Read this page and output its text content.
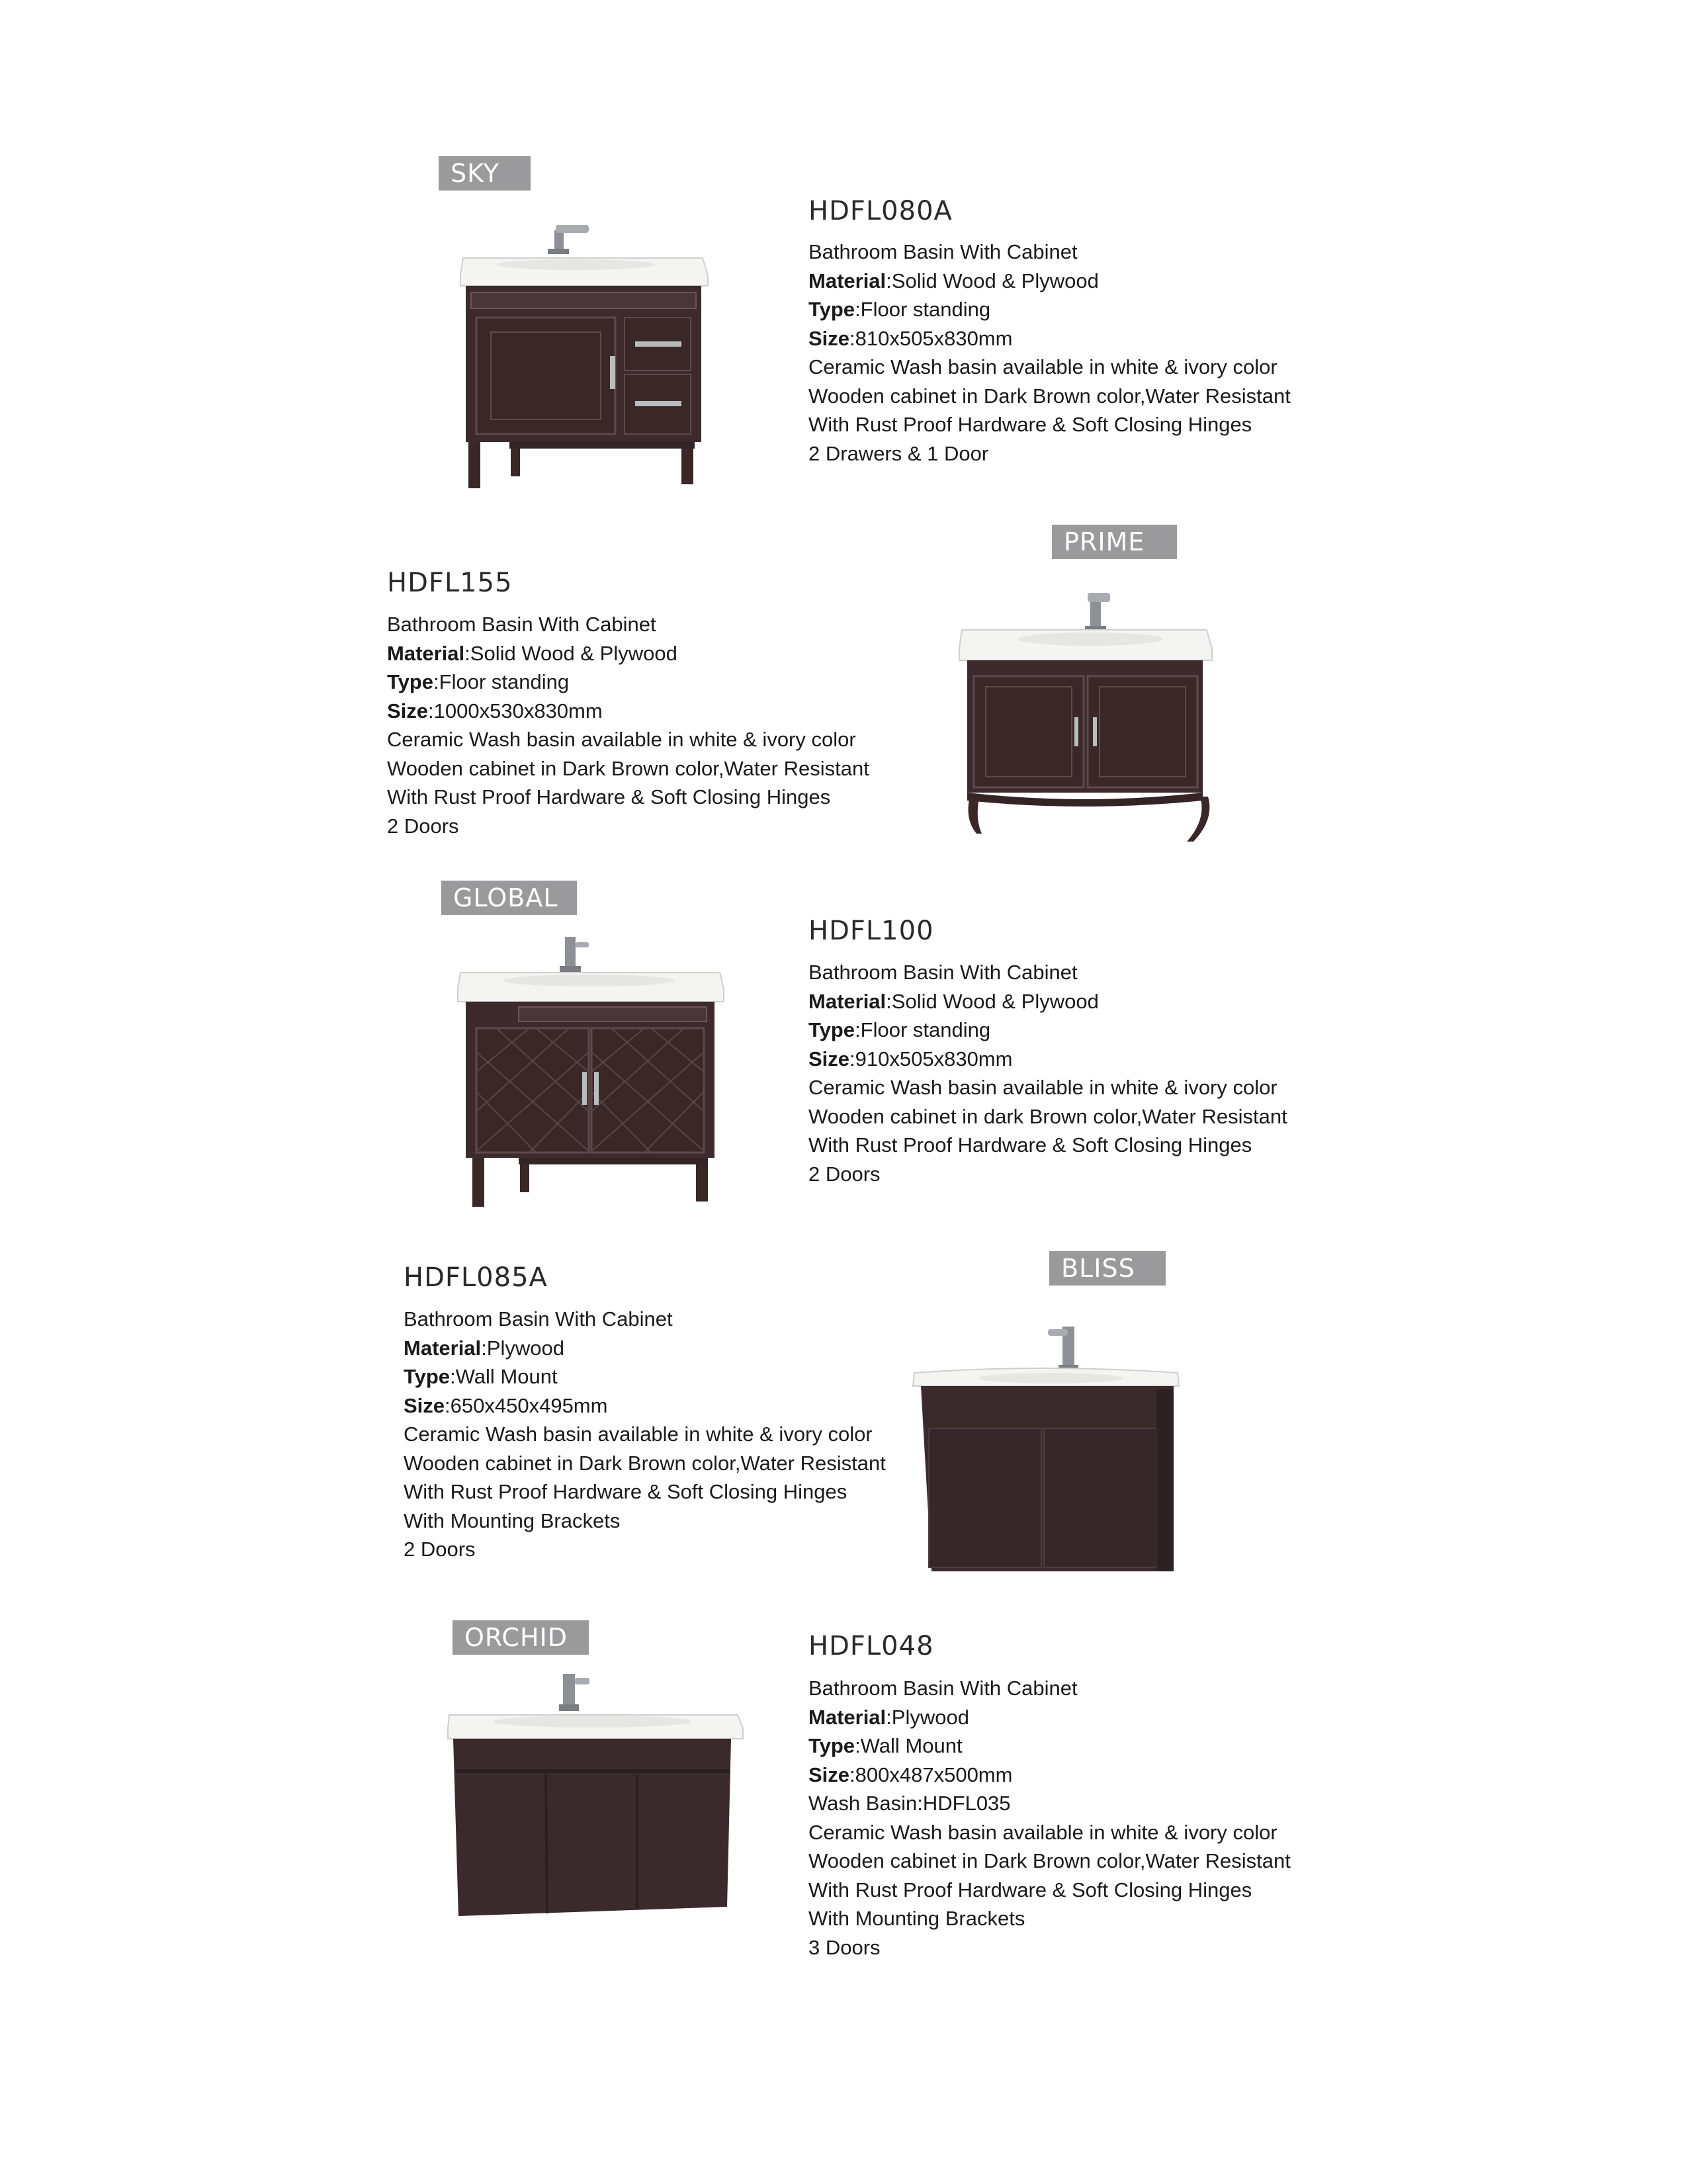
SKY
HDFL080A
Bathroom Basin With Cabinet
Material:Solid Wood & Plywood
Type:Floor standing
Size:810x505x830mm
Ceramic Wash basin available in white & ivory color
Wooden cabinet in Dark Brown color,Water Resistant
With Rust Proof Hardware & Soft Closing Hinges
2 Drawers & 1 Door
PRIME
HDFL155
Bathroom Basin With Cabinet
Material:Solid Wood & Plywood
Type:Floor standing
Size:1000x530x830mm
Ceramic Wash basin available in white & ivory color
Wooden cabinet in Dark Brown color,Water Resistant
With Rust Proof Hardware & Soft Closing Hinges
2 Doors
GLOBAL
HDFL100
Bathroom Basin With Cabinet
Material:Solid Wood & Plywood
Type:Floor standing
Size:910x505x830mm
Ceramic Wash basin available in white & ivory color
Wooden cabinet in dark Brown color,Water Resistant
With Rust Proof Hardware & Soft Closing Hinges
2 Doors
BLISS
HDFL085A
Bathroom Basin With Cabinet
Material:Plywood
Type:Wall Mount
Size:650x450x495mm
Ceramic Wash basin available in white & ivory color
Wooden cabinet in Dark Brown color,Water Resistant
With Rust Proof Hardware & Soft Closing Hinges
With Mounting Brackets
2 Doors
ORCHID	HDFL048
Bathroom Basin With Cabinet
Material:Plywood
Type:Wall Mount
Size:800x487x500mm
Wash Basin:HDFL035
Ceramic Wash basin available in white & ivory color
Wooden cabinet in Dark Brown color,Water Resistant
With Rust Proof Hardware & Soft Closing Hinges
With Mounting Brackets
3 Doors
